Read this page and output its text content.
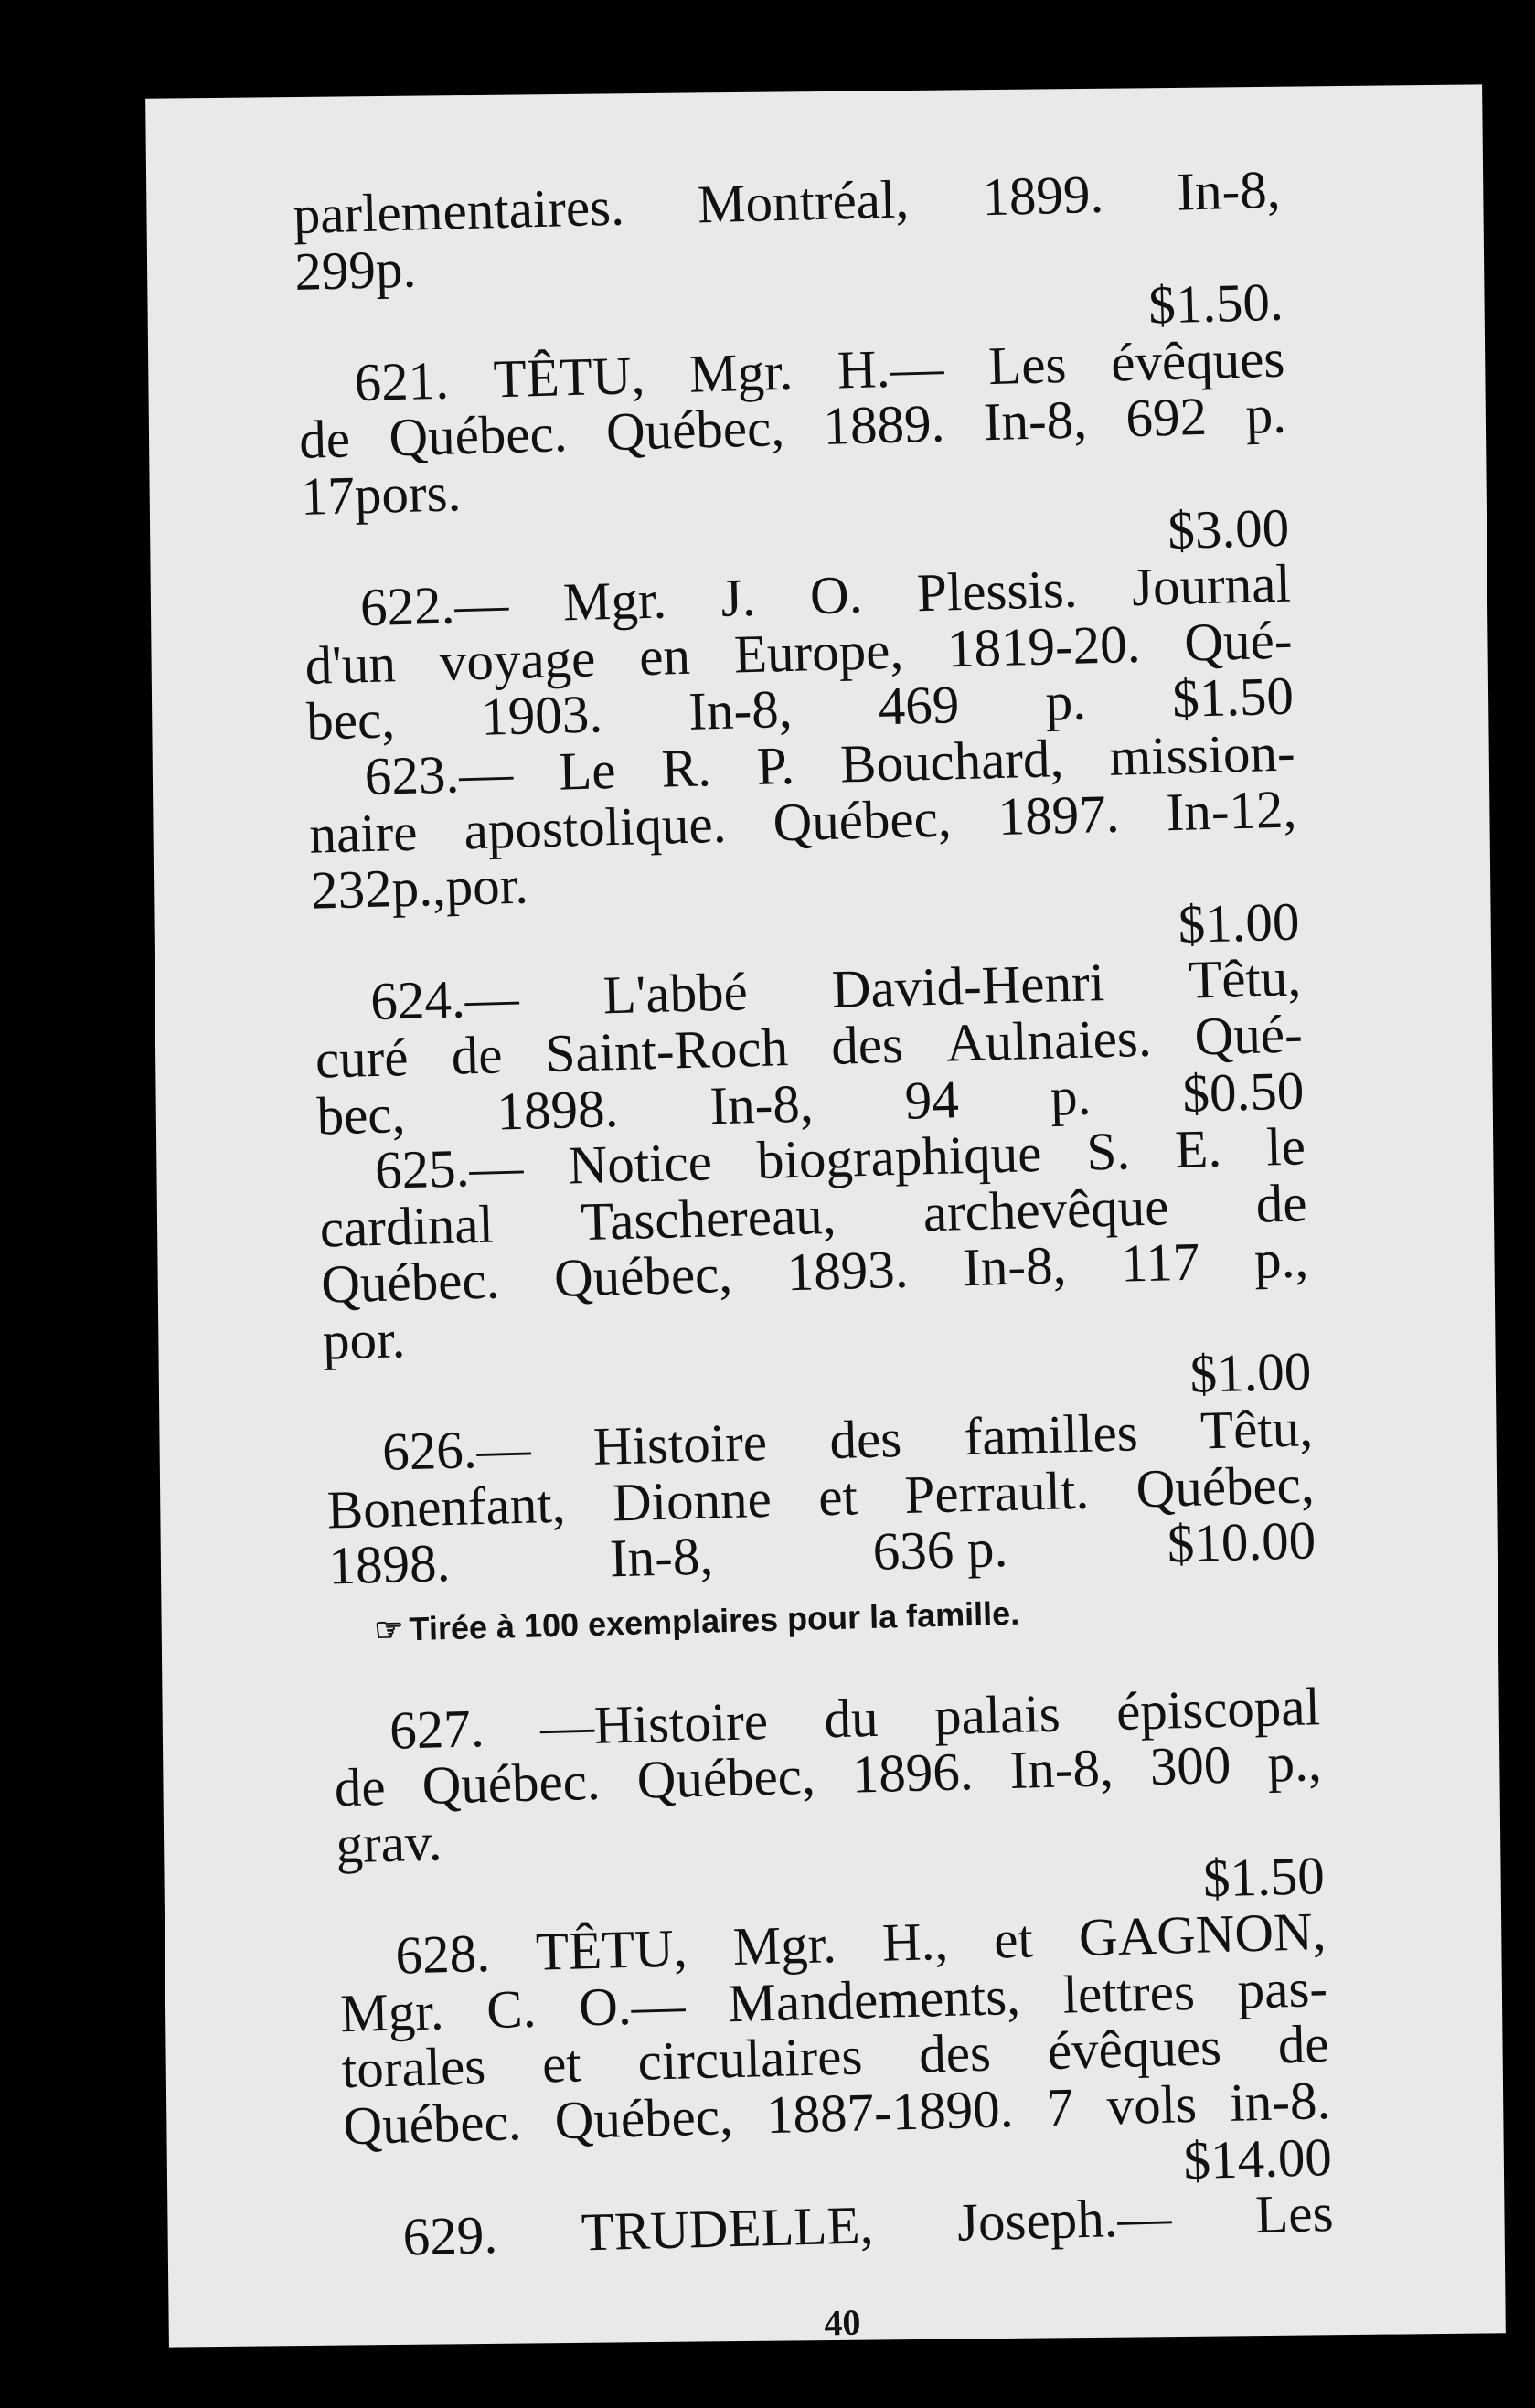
parlementaires. Montréal, 1899. In-8,
299
p.
$1.50.
621. TÊTU, Mgr. H.— Les évêques
de Québec. Québec, 1889. In-8, 692 p.
17
pors.
$3.00
622.— Mgr. J. O. Plessis. Journal
d'un voyage en Europe, 1819-20. Qué-
bec, 1903. In-8, 469 p. $1.50
623.— Le R. P. Bouchard, mission-
naire apostolique. Québec, 1897. In-12,
232
p.,
por.
$1.00
624.— L'abbé David-Henri Têtu,
curé de Saint-Roch des Aulnaies. Qué-
bec, 1898. In-8, 94 p. $0.50
625.— Notice biographique S. E. le
cardinal Taschereau, archevêque de
Québec. Québec, 1893. In-8, 117 p.,
por.
$1.00
626.— Histoire des familles Têtu,
Bonenfant, Dionne et Perrault. Québec,
1898.	In-8,	636 p.	$10.00
☞ Tirée à 100 exemplaires pour la famille.
627. —Histoire du palais épiscopal
de Québec. Québec, 1896. In-8, 300 p.,
grav.
$1.50
628. TÊTU, Mgr. H., et GAGNON,
Mgr. C. O.— Mandements, lettres pas-
torales et circulaires des évêques de
Québec. Québec, 1887-1890. 7 vols in-8.
$14.00
629. TRUDELLE, Joseph.— Les
40
